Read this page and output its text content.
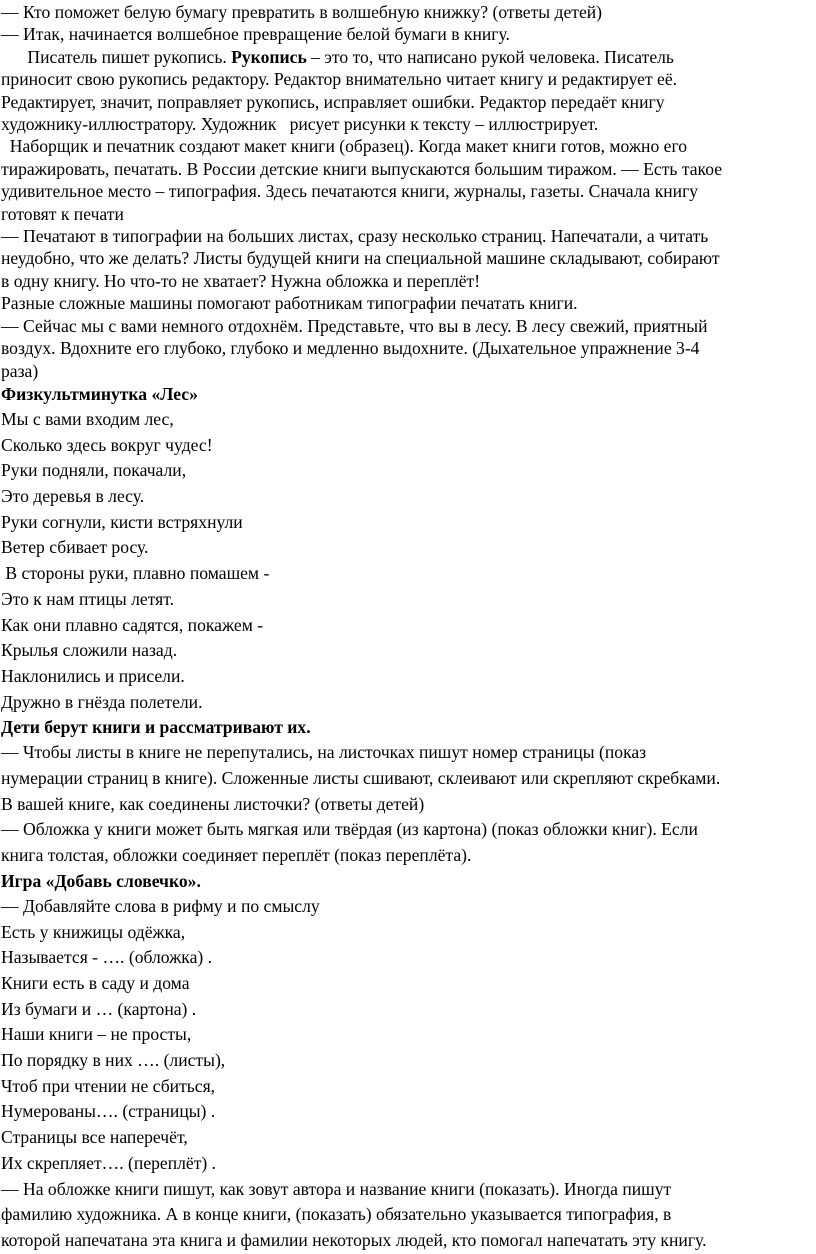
— Кто поможет белую бумагу превратить в волшебную книжку? (ответы детей)
— Итак, начинается волшебное превращение белой бумаги в книгу.
Писатель пишет рукопись. Рукопись – это то, что написано рукой человека. Писатель
приносит свою рукопись редактору. Редактор внимательно читает книгу и редактирует её.
Редактирует, значит, поправляет рукопись, исправляет ошибки. Редактор передаёт книгу
художнику-иллюстратору. Художник   рисует рисунки к тексту – иллюстрирует.
Наборщик и печатник создают макет книги (образец). Когда макет книги готов, можно его
тиражировать, печатать. В России детские книги выпускаются большим тиражом. — Есть такое
удивительное место – типография. Здесь печатаются книги, журналы, газеты. Сначала книгу
готовят к печати
— Печатают в типографии на больших листах, сразу несколько страниц. Напечатали, а читать
неудобно, что же делать? Листы будущей книги на специальной машине складывают, собирают
в одну книгу. Но что-то не хватает? Нужна обложка и переплёт!
Разные сложные машины помогают работникам типографии печатать книги.
— Сейчас мы с вами немного отдохнём. Представьте, что вы в лесу. В лесу свежий, приятный
воздух. Вдохните его глубоко, глубоко и медленно выдохните. (Дыхательное упражнение 3-4
раза)
Физкультминутка «Лес»
Мы с вами входим лес,
Сколько здесь вокруг чудес!
Руки подняли, покачали,
Это деревья в лесу.
Руки согнули, кисти встряхнули
Ветер сбивает росу.
В стороны руки, плавно помашем -
Это к нам птицы летят.
Как они плавно садятся, покажем -
Крылья сложили назад.
Наклонились и присели.
Дружно в гнёзда полетели.
Дети берут книги и рассматривают их.
— Чтобы листы в книге не перепутались, на листочках пишут номер страницы (показ
нумерации страниц в книге). Сложенные листы сшивают, склеивают или скрепляют скребками.
В вашей книге, как соединены листочки? (ответы детей)
— Обложка у книги может быть мягкая или твёрдая (из картона) (показ обложки книг). Если
книга толстая, обложки соединяет переплёт (показ переплёта).
Игра «Добавь словечко».
— Добавляйте слова в рифму и по смыслу
Есть у книжицы одёжка,
Называется - …. (обложка) .
Книги есть в саду и дома
Из бумаги и … (картона) .
Наши книги – не просты,
По порядку в них …. (листы),
Чтоб при чтении не сбиться,
Нумерованы…. (страницы) .
Страницы все наперечёт,
Их скрепляет…. (переплёт) .
— На обложке книги пишут, как зовут автора и название книги (показать). Иногда пишут
фамилию художника. А в конце книги, (показать) обязательно указывается типография, в
которой напечатана эта книга и фамилии некоторых людей, кто помогал напечатать эту книгу.
